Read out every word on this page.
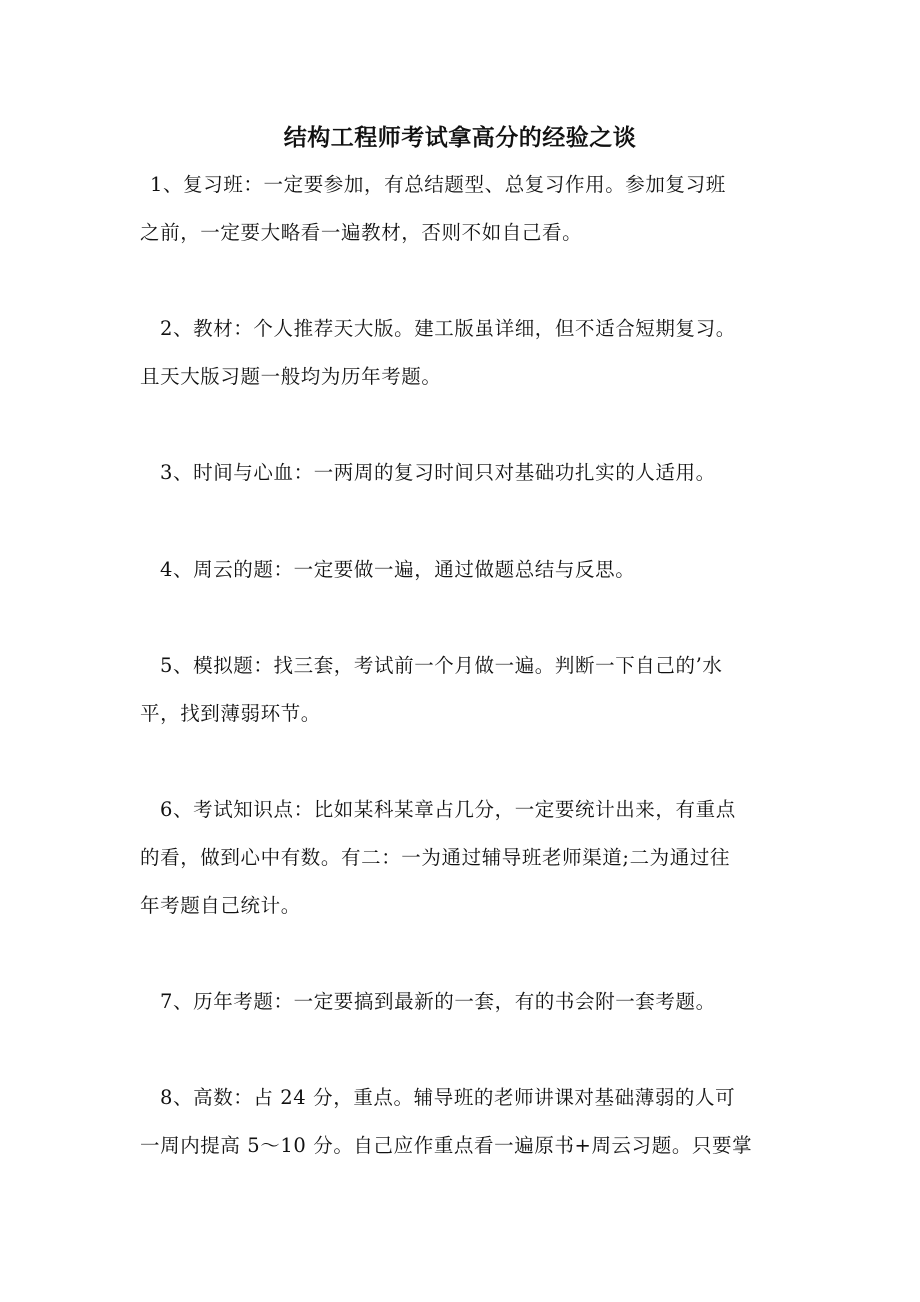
结构工程师考试拿高分的经验之谈
1、复习班：一定要参加，有总结题型、总复习作用。参加复习班
之前，一定要大略看一遍教材，否则不如自己看。
2、教材：个人推荐天大版。建工版虽详细，但不适合短期复习。
且天大版习题一般均为历年考题。
3、时间与心血：一两周的复习时间只对基础功扎实的人适用。
4、周云的题：一定要做一遍，通过做题总结与反思。
5、模拟题：找三套，考试前一个月做一遍。判断一下自己的’水
平，找到薄弱环节。
6、考试知识点：比如某科某章占几分，一定要统计出来，有重点
的看，做到心中有数。有二：一为通过辅导班老师渠道;二为通过往
年考题自己统计。
7、历年考题：一定要搞到最新的一套，有的书会附一套考题。
8、高数：占 24 分，重点。辅导班的老师讲课对基础薄弱的人可
一周内提高 5～10 分。自己应作重点看一遍原书+周云习题。只要掌
